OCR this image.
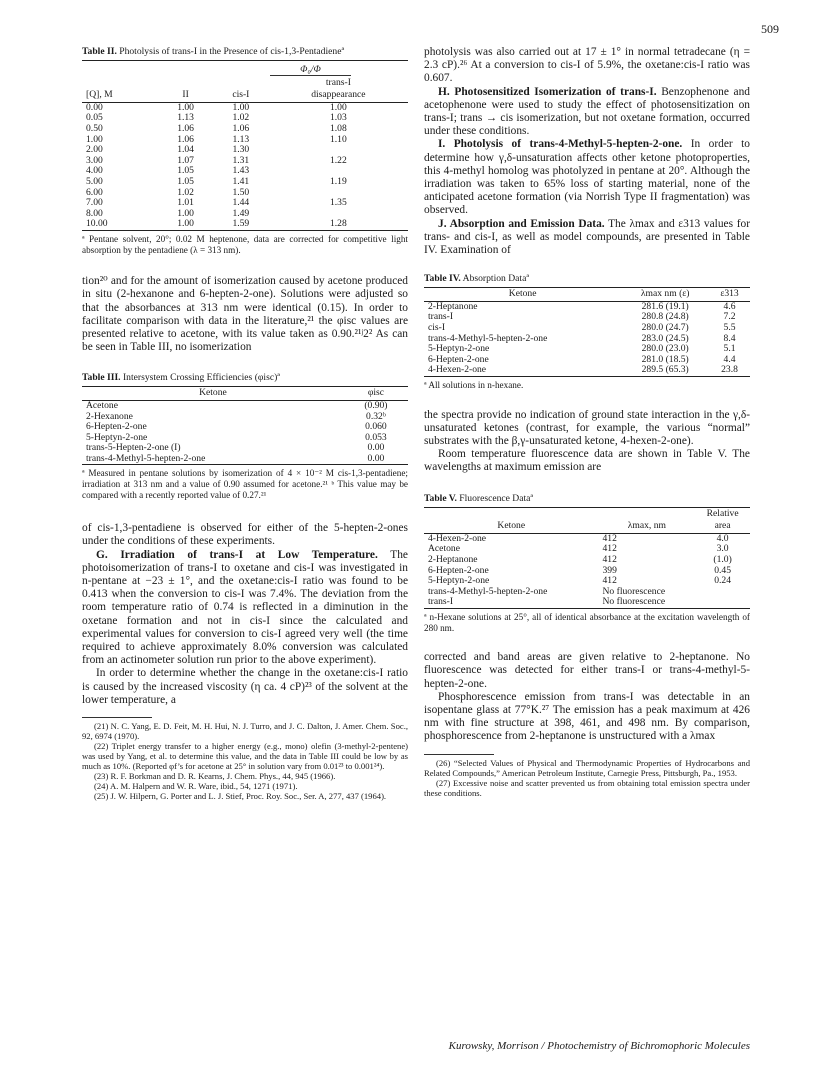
509

Table II. Photolysis of trans-I in the Presence of cis-1,3-Pentadieneª

		Φ₀/Φ	
			trans-I
[Q], M	II	cis-I	disappearance
0.00	1.00	1.00	1.00
0.05	1.13	1.02	1.03
0.50	1.06	1.06	1.08
1.00	1.06	1.13	1.10
2.00	1.04	1.30	
3.00	1.07	1.31	1.22
4.00	1.05	1.43	
5.00	1.05	1.41	1.19
6.00	1.02	1.50	
7.00	1.01	1.44	1.35
8.00	1.00	1.49	
10.00	1.00	1.59	1.28

ª Pentane solvent, 20°; 0.02 M heptenone, data are corrected for competitive light absorption by the pentadiene (λ = 313 nm).

tion²⁰ and for the amount of isomerization caused by acetone produced in situ (2-hexanone and 6-hepten-2-one). Solutions were adjusted so that the absorbances at 313 nm were identical (0.15). In order to facilitate comparison with data in the literature,²¹ the φisc values are presented relative to acetone, with its value taken as 0.90.²¹ʲ2² As can be seen in Table III, no isomerization

Table III. Intersystem Crossing Efficiencies (φisc)ª

Ketone	φisc
Acetone	(0.90)
2-Hexanone	0.32ᵇ
6-Hepten-2-one	0.060
5-Heptyn-2-one	0.053
trans-5-Hepten-2-one (I)	0.00
trans-4-Methyl-5-hepten-2-one	0.00

ª Measured in pentane solutions by isomerization of 4 × 10⁻² M cis-1,3-pentadiene; irradiation at 313 nm and a value of 0.90 assumed for acetone.²¹ ᵇ This value may be compared with a recently reported value of 0.27.²¹

of cis-1,3-pentadiene is observed for either of the 5-hepten-2-ones under the conditions of these experiments.

G. Irradiation of trans-I at Low Temperature. The photoisomerization of trans-I to oxetane and cis-I was investigated in n-pentane at −23 ± 1°, and the oxetane:cis-I ratio was found to be 0.413 when the conversion to cis-I was 7.4%. The deviation from the room temperature ratio of 0.74 is reflected in a diminution in the oxetane formation and not in cis-I since the calculated and experimental values for conversion to cis-I agreed very well (the time required to achieve approximately 8.0% conversion was calculated from an actinometer solution run prior to the above experiment).

In order to determine whether the change in the oxetane:cis-I ratio is caused by the increased viscosity (η ca. 4 cP)²³ of the solvent at the lower temperature, a

(21) N. C. Yang, E. D. Feit, M. H. Hui, N. J. Turro, and J. C. Dalton, J. Amer. Chem. Soc., 92, 6974 (1970).

(22) Triplet energy transfer to a higher energy (e.g., mono) olefin (3-methyl-2-pentene) was used by Yang, et al. to determine this value, and the data in Table III could be low by as much as 10%. (Reported φf’s for acetone at 25° in solution vary from 0.01²³ to 0.001²⁴).

(23) R. F. Borkman and D. R. Kearns, J. Chem. Phys., 44, 945 (1966).

(24) A. M. Halpern and W. R. Ware, ibid., 54, 1271 (1971).

(25) J. W. Hilpern, G. Porter and L. J. Stief, Proc. Roy. Soc., Ser. A, 277, 437 (1964).

photolysis was also carried out at 17 ± 1° in normal tetradecane (η = 2.3 cP).²⁶ At a conversion to cis-I of 5.9%, the oxetane:cis-I ratio was 0.607.

H. Photosensitized Isomerization of trans-I. Benzophenone and acetophenone were used to study the effect of photosensitization on trans-I; trans → cis isomerization, but not oxetane formation, occurred under these conditions.

I. Photolysis of trans-4-Methyl-5-hepten-2-one. In order to determine how γ,δ-unsaturation affects other ketone photoproperties, this 4-methyl homolog was photolyzed in pentane at 20°. Although the irradiation was taken to 65% loss of starting material, none of the anticipated acetone formation (via Norrish Type II fragmentation) was observed.

J. Absorption and Emission Data. The λmax and ε313 values for trans- and cis-I, as well as model compounds, are presented in Table IV. Examination of

Table IV. Absorption Dataª

Ketone	λmax nm (ε)	ε313
2-Heptanone	281.6 (19.1)	4.6
trans-I	280.8 (24.8)	7.2
cis-I	280.0 (24.7)	5.5
trans-4-Methyl-5-hepten-2-one	283.0 (24.5)	8.4
5-Heptyn-2-one	280.0 (23.0)	5.1
6-Hepten-2-one	281.0 (18.5)	4.4
4-Hexen-2-one	289.5 (65.3)	23.8

ª All solutions in n-hexane.

the spectra provide no indication of ground state interaction in the γ,δ-unsaturated ketones (contrast, for example, the various “normal” substrates with the β,γ-unsaturated ketone, 4-hexen-2-one).

Room temperature fluorescence data are shown in Table V. The wavelengths at maximum emission are

Table V. Fluorescence Dataª

		Relative
Ketone	λmax, nm	area
4-Hexen-2-one	412	4.0
Acetone	412	3.0
2-Heptanone	412	(1.0)
6-Hepten-2-one	399	0.45
5-Heptyn-2-one	412	0.24
trans-4-Methyl-5-hepten-2-one	No fluorescence	
trans-I	No fluorescence	

ª n-Hexane solutions at 25°, all of identical absorbance at the excitation wavelength of 280 nm.

corrected and band areas are given relative to 2-heptanone. No fluorescence was detected for either trans-I or trans-4-methyl-5-hepten-2-one.

Phosphorescence emission from trans-I was detectable in an isopentane glass at 77°K.²⁷ The emission has a peak maximum at 426 nm with fine structure at 398, 461, and 498 nm. By comparison, phosphorescence from 2-heptanone is unstructured with a λmax

(26) “Selected Values of Physical and Thermodynamic Properties of Hydrocarbons and Related Compounds,” American Petroleum Institute, Carnegie Press, Pittsburgh, Pa., 1953.

(27) Excessive noise and scatter prevented us from obtaining total emission spectra under these conditions.

Kurowsky, Morrison / Photochemistry of Bichromophoric Molecules
